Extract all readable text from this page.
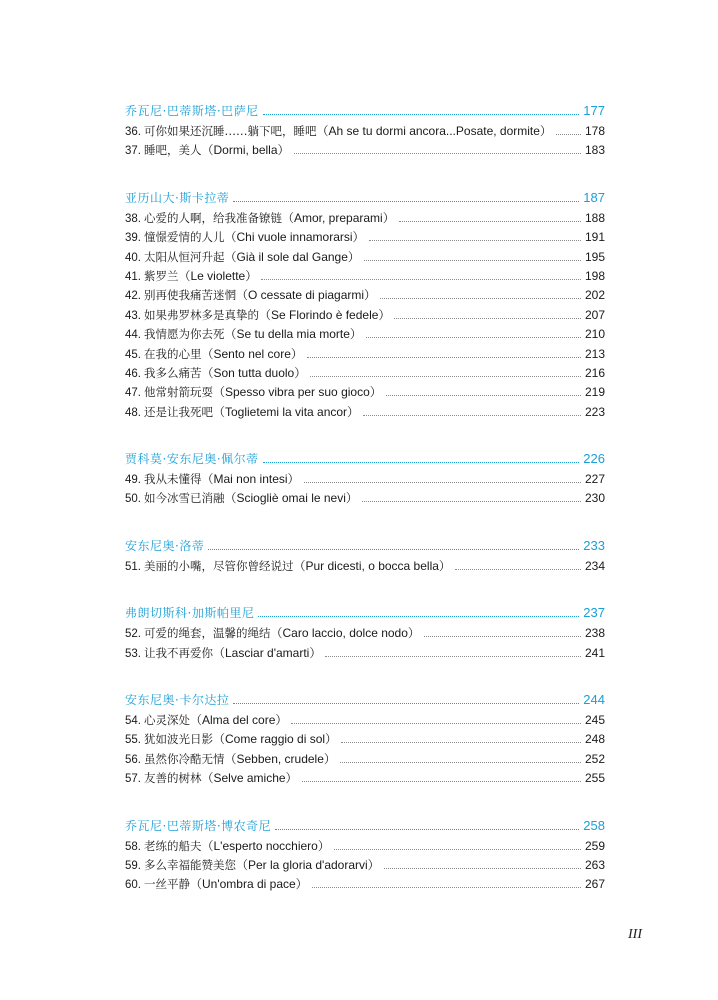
乔瓦尼·巴蒂斯塔·巴萨尼	177
36. 可你如果还沉睡……躺下吧，睡吧 （Ah se tu dormi ancora...Posate, dormite）	178
37. 睡吧，美人 （Dormi, bella）	183
亚历山大·斯卡拉蒂	187
38. 心爱的人啊，给我准备镣链 （Amor, preparami）	188
39. 憧憬爱情的人儿 （Chi vuole innamorarsi）	191
40. 太阳从恒河升起 （Già il sole dal Gange）	195
41. 紫罗兰 （Le violette）	198
42. 别再使我痛苦迷惘 （O cessate di piagarmi）	202
43. 如果弗罗林多是真挚的 （Se Florindo è fedele）	207
44. 我情愿为你去死 （Se tu della mia morte）	210
45. 在我的心里 （Sento nel core）	213
46. 我多么痛苦 （Son tutta duolo）	216
47. 他常射箭玩耍 （Spesso vibra per suo gioco）	219
48. 还是让我死吧 （Toglietemi la vita ancor）	223
贾科莫·安东尼奥·佩尔蒂	226
49. 我从未懂得 （Mai non intesi）	227
50. 如今冰雪已消融 （Sciogliè omai le nevi）	230
安东尼奥·洛蒂	233
51. 美丽的小嘴，尽管你曾经说过 （Pur dicesti, o bocca bella）	234
弗朗切斯科·加斯帕里尼	237
52. 可爱的绳套，温馨的绳结 （Caro laccio, dolce nodo）	238
53. 让我不再爱你 （Lasciar d'amarti）	241
安东尼奥·卡尔达拉	244
54. 心灵深处 （Alma del core）	245
55. 犹如波光日影 （Come raggio di sol）	248
56. 虽然你冷酷无情 （Sebben, crudele）	252
57. 友善的树林 （Selve amiche）	255
乔瓦尼·巴蒂斯塔·博农奇尼	258
58. 老练的船夫 （L'esperto nocchiero）	259
59. 多么幸福能赞美您 （Per la gloria d'adorarvi）	263
60. 一丝平静 （Un'ombra di pace）	267
III
